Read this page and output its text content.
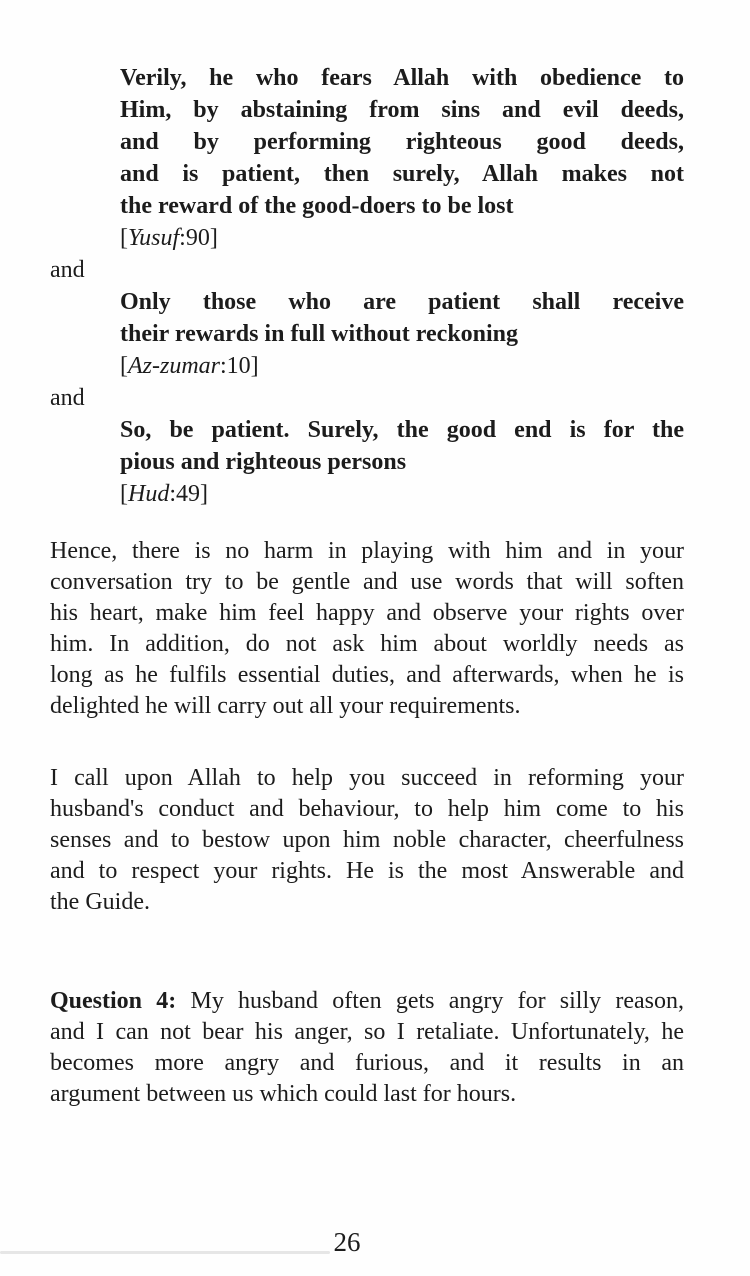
Verily, he who fears Allah with obedience to
Him, by abstaining from sins and evil deeds,
and by performing righteous good deeds,
and is patient, then surely, Allah makes not
the reward of the good-doers to be lost

[Yusuf:90]

and

Only those who are patient shall receive
their rewards in full without reckoning

[Az-zumar:10]

and

So, be patient. Surely, the good end is for the
pious and righteous persons

[Hud:49]

Hence, there is no harm in playing with him and in your
conversation try to be gentle and use words that will soften
his heart, make him feel happy and observe your rights over
him. In addition, do not ask him about worldly needs as
long as he fulfils essential duties, and afterwards, when he is
delighted he will carry out all your requirements.

I call upon Allah to help you succeed in reforming your
husband's conduct and behaviour, to help him come to his
senses and to bestow upon him noble character, cheerfulness
and to respect your rights. He is the most Answerable and
the Guide.

Question 4: My husband often gets angry for silly reason,
and I can not bear his anger, so I retaliate. Unfortunately, he
becomes more angry and furious, and it results in an
argument between us which could last for hours.

26
